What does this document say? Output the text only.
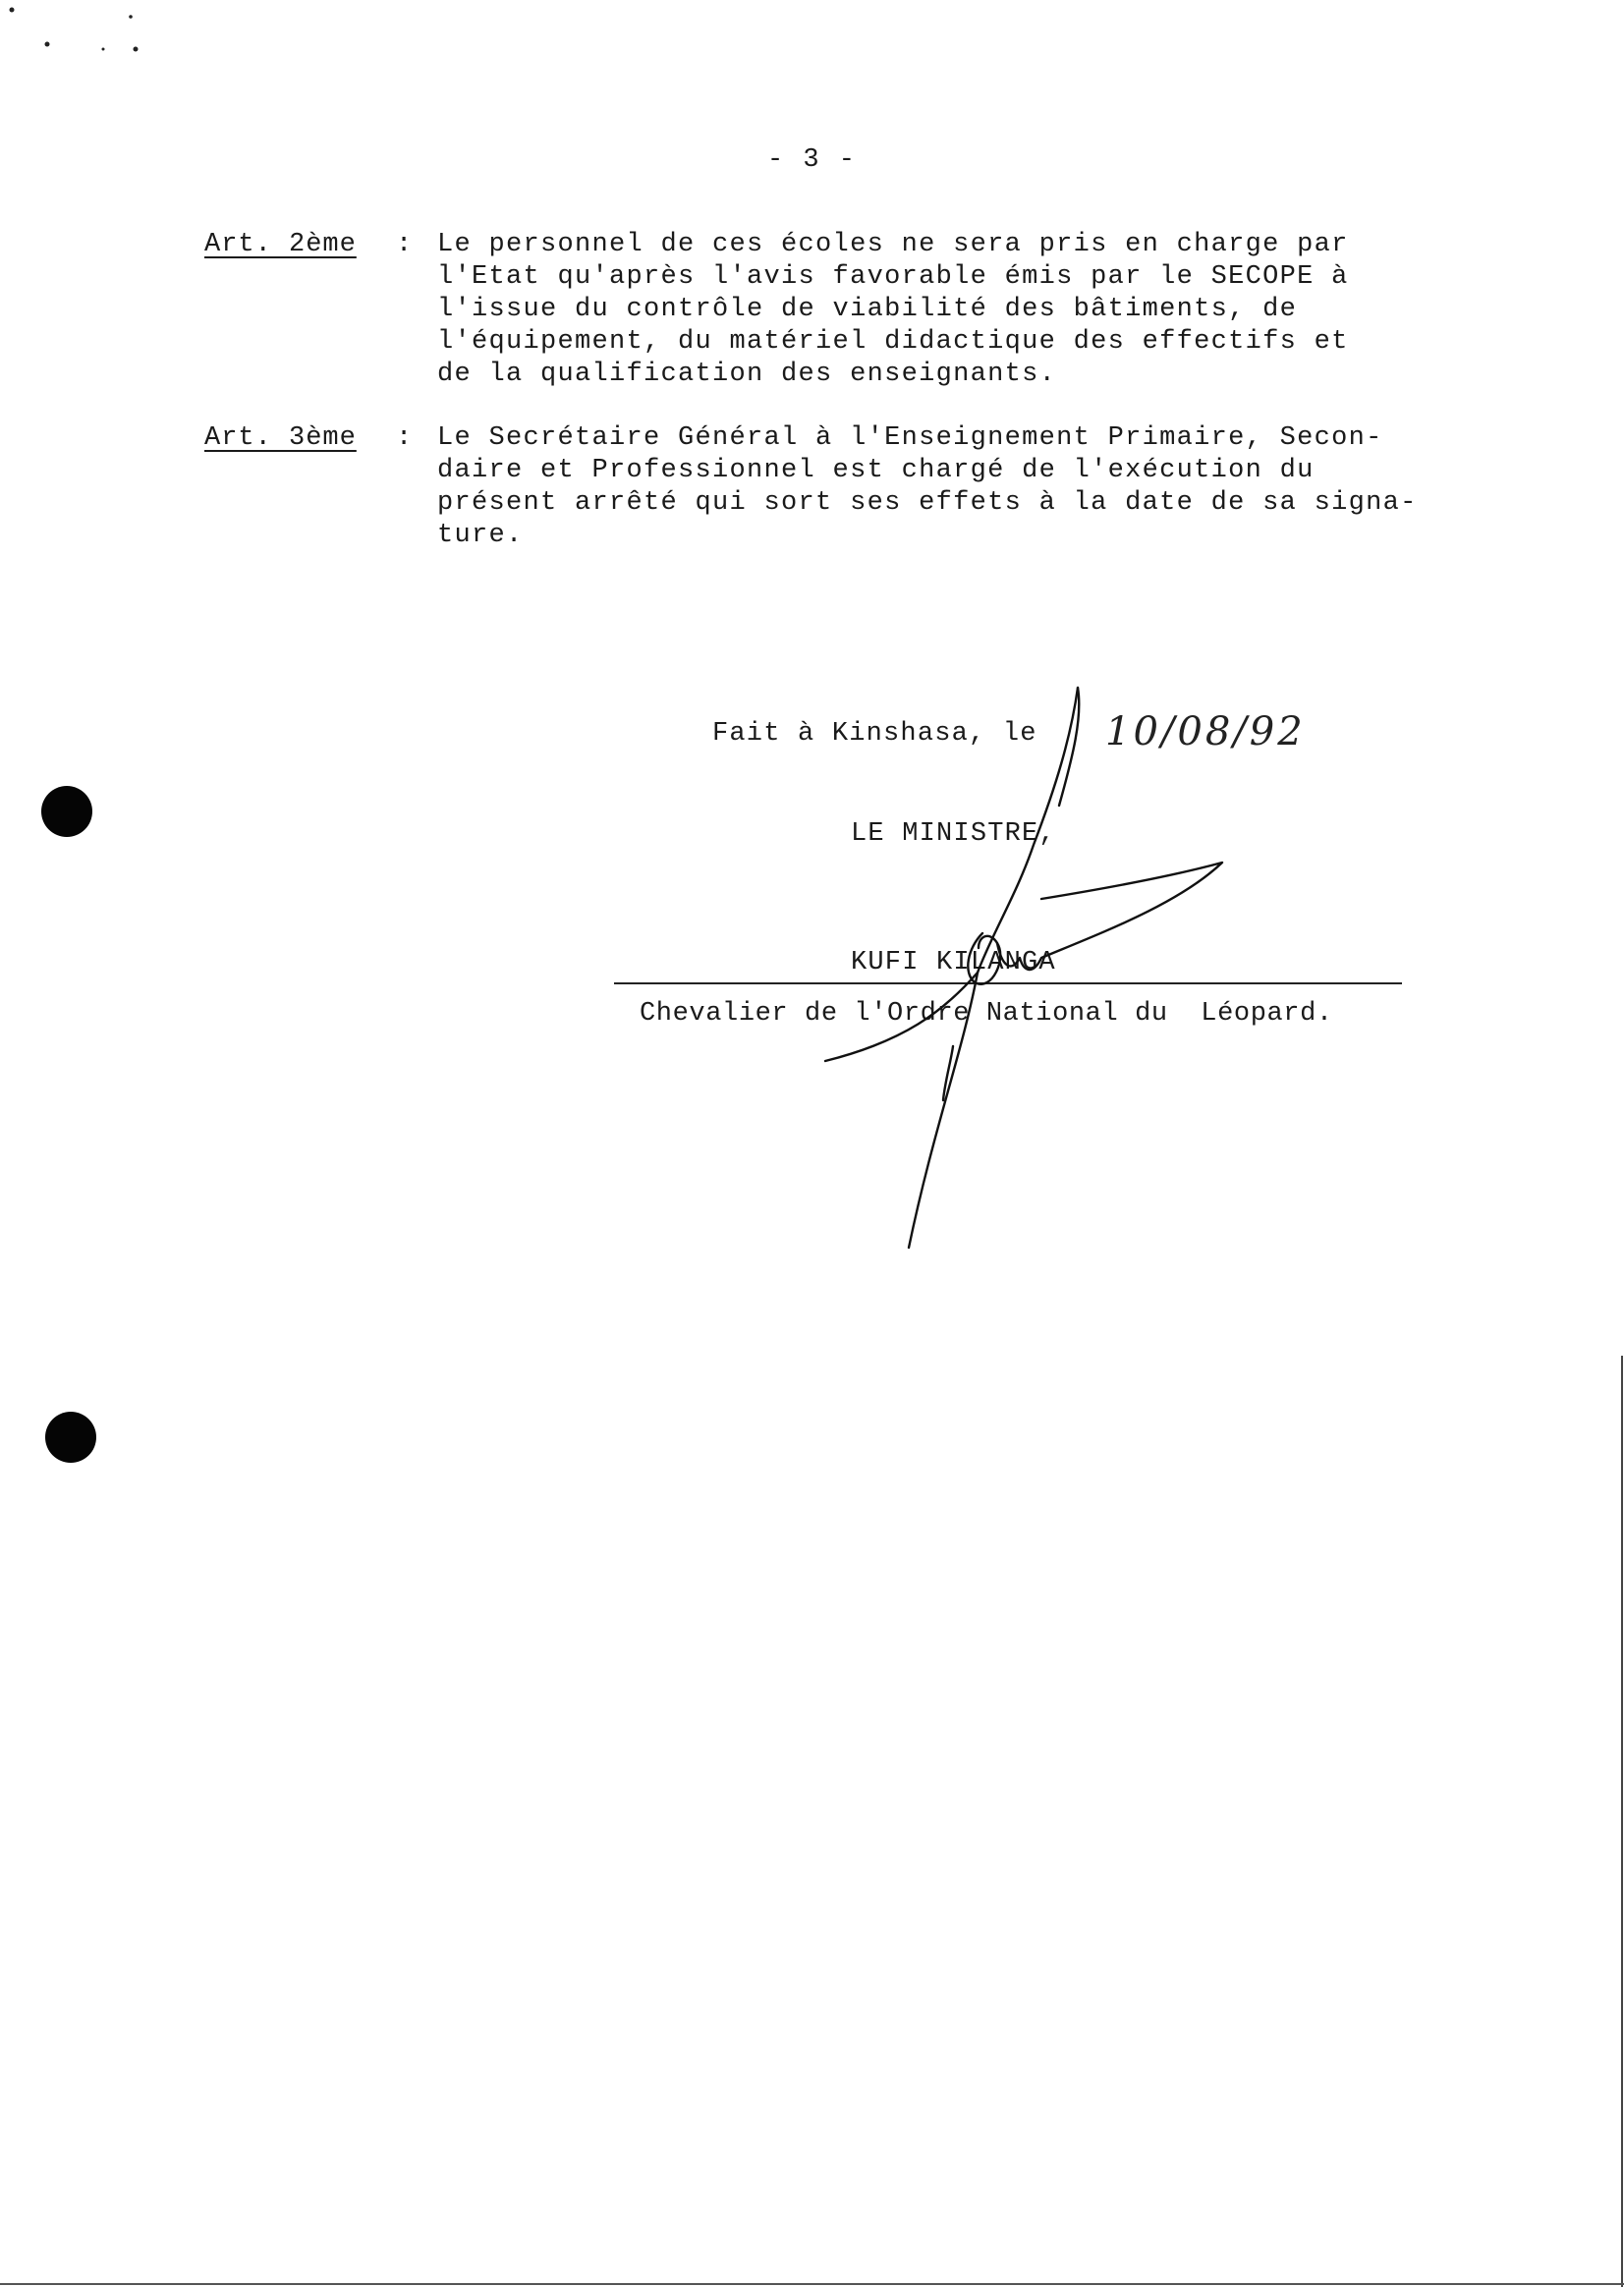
- 3 -
Art. 2ème : Le personnel de ces écoles ne sera pris en charge par
l'Etat qu'après l'avis favorable émis par le SECOPE à
l'issue du contrôle de viabilité des bâtiments, de
l'équipement, du matériel didactique des effectifs et
de la qualification des enseignants.
Art. 3ème : Le Secrétaire Général à l'Enseignement Primaire, Secon-
daire et Professionnel est chargé de l'exécution du
présent arrêté qui sort ses effets à la date de sa signa-
ture.
Fait à Kinshasa, le 10/08/92
LE MINISTRE,
KUFI KILANGA
Chevalier de l'Ordre National du  Léopard.
